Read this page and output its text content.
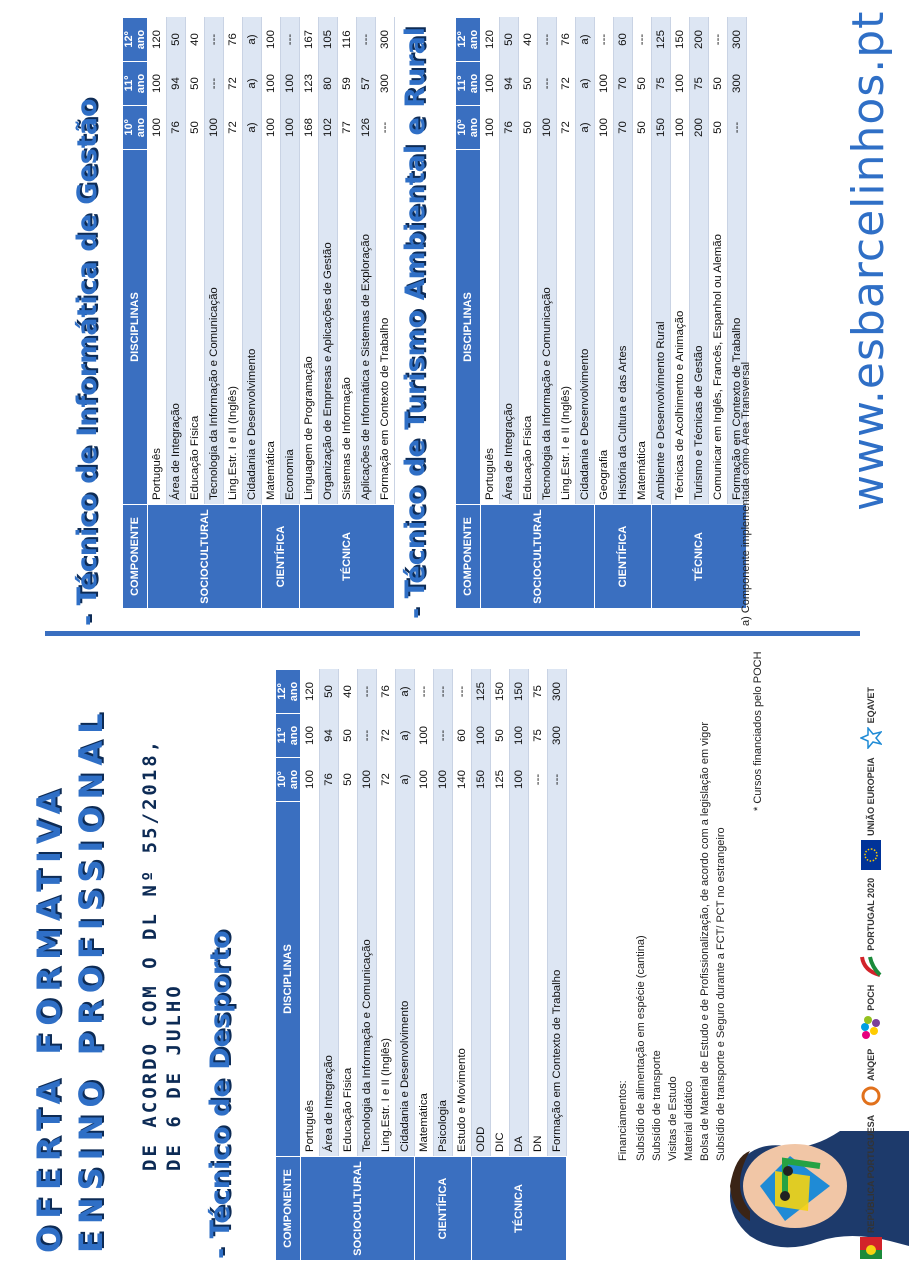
OFERTA FORMATIVA ENSINO PROFISSIONAL DE ACORDO COM O DL Nº 55/2018, DE 6 DE JULHO - Técnico de Desporto
- Técnico de Informática de Gestão	- Técnico de Turismo Ambiental e Rural
COMPONENTE	DISCIPLINAS	10º ano	11º ano	12º ano
SOCIOCULTURAL	Português	100	100	120
	Área de Integração	76	94	50
	Educação Física	50	50	40
	Tecnologia da Informação e Comunicação	100	---	---
	Ling.Estr. I e II (Inglês)	72	72	76
	Cidadania e Desenvolvimento	a)	a)	a)
CIENTÍFICA	Matemática	100	100	---
	Psicologia	100	---	---
	Estudo e Movimento	140	60	---
TÉCNICA	ODD	150	100	125
	DIC	125	50	150
	DA	100	100	150
	DN	---	75	75
	Formação em Contexto de Trabalho	---	300	300
COMPONENTE	DISCIPLINAS	10º ano	11º ano	12º ano
SOCIOCULTURAL	Português	100	100	120
	Área de Integração	76	94	50
	Educação Física	50	50	40
	Tecnologia da Informação e Comunicação	100	---	---
	Ling.Estr. I e II (Inglês)	72	72	76
	Cidadania e Desenvolvimento	a)	a)	a)
CIENTÍFICA	Matemática	100	100	100
	Economia	100	100	---
TÉCNICA	Linguagem de Programação	168	123	167
	Organização de Empresas e Aplicações de Gestão	102	80	105
	Sistemas de Informação	77	59	116
	Aplicações de Informática e Sistemas de Exploração	126	57	---
	Formação em Contexto de Trabalho	---	300	300
COMPONENTE	DISCIPLINAS	10º ano	11º ano	12º ano
SOCIOCULTURAL	Português	100	100	120
	Área de Integração	76	94	50
	Educação Física	50	50	40
	Tecnologia da Informação e Comunicação	100	---	---
	Ling.Estr. I e II (Inglês)	72	72	76
	Cidadania e Desenvolvimento	a)	a)	a)
CIENTÍFICA	Geografia	100	100	---
	História da Cultura e das Artes	70	70	60
	Matemática	50	50	---
TÉCNICA	Ambiente e Desenvolvimento Rural	150	75	125
	Técnicas de Acolhimento e Animação	100	100	150
	Turismo e Técnicas de Gestão	200	75	200
	Comunicar em Inglês, Francês, Espanhol ou Alemão	50	50	---
	Formação em Contexto de Trabalho	---	300	300
Financiamentos: Subsídio de alimentação em espécie (cantina) Subsídio de transporte Visitas de Estudo Material didático Bolsa de Material de Estudo e de Profissionalização, de acordo com a legislação em vigor Subsídio de transporte e Seguro durante a FCT/ PCT no estrangeiro
* Cursos financiados pelo POCH
a) Componente implementada como Área Transversal www.esbarcelinhos.pt
REPÚBLICA PORTUGUESA
ANQEP
POCH
PORTUGAL 2020
UNIÃO EUROPEIA
EQAVET
